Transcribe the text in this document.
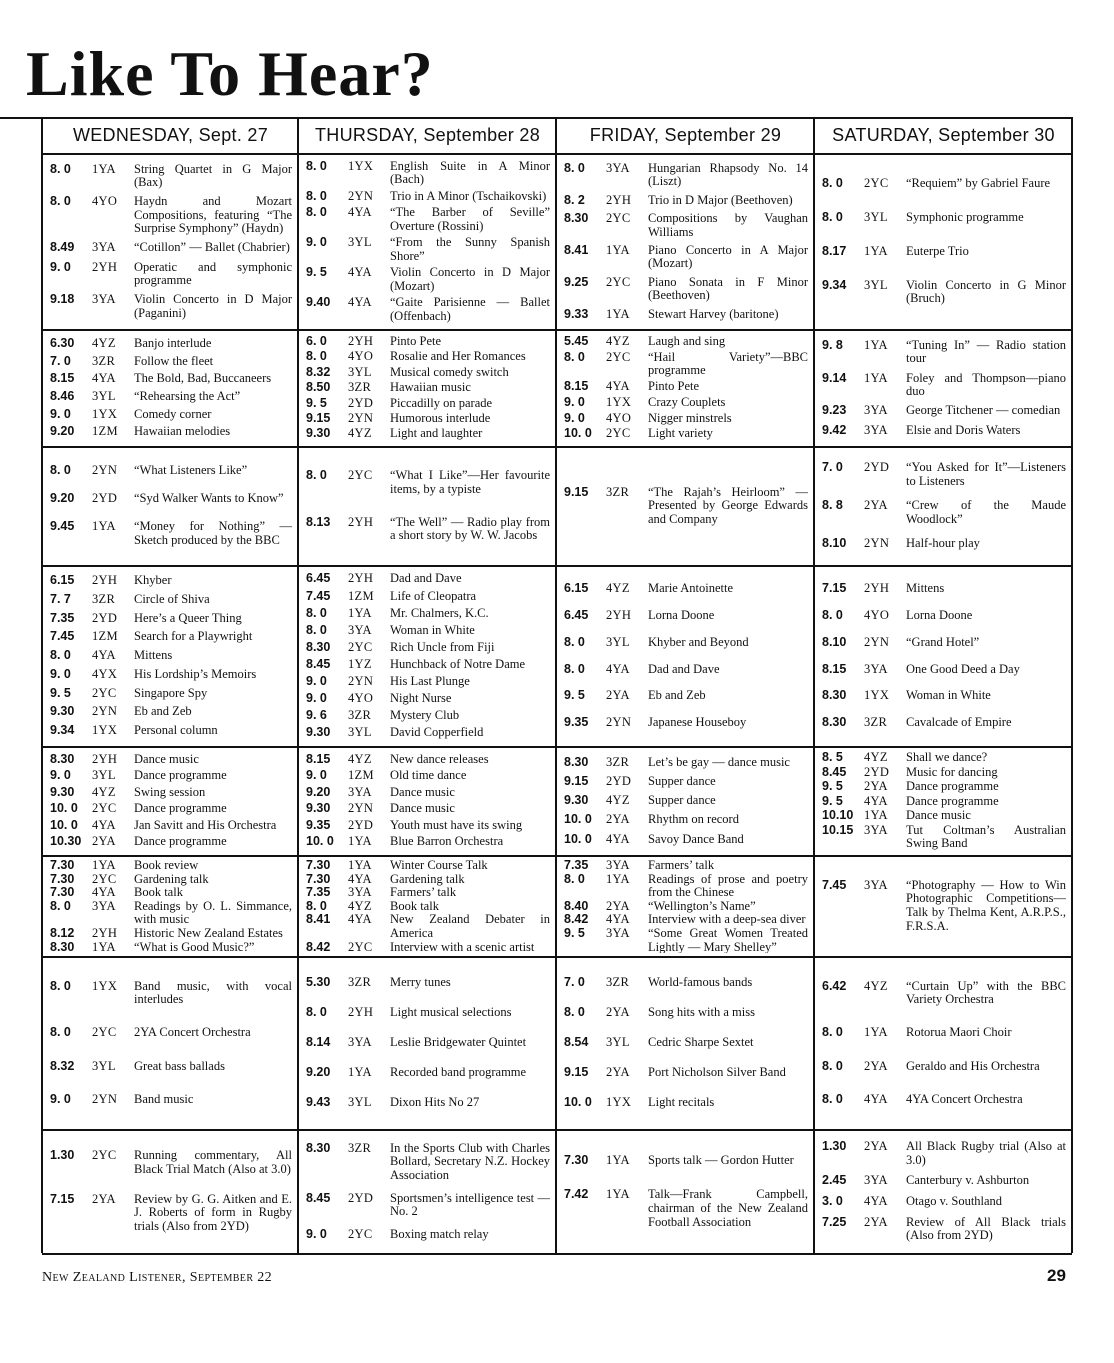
Like To Hear?
WEDNESDAY, Sept. 27	THURSDAY, September 28	FRIDAY, September 29	SATURDAY, September 30
8. 0	1YA	String Quartet in G Major (Bax)
8. 0	4YO	Haydn and Mozart Compositions, featuring “The Surprise Symphony” (Haydn)
8.49	3YA	“Cotillon” — Ballet (Chabrier)
9. 0	2YH	Operatic and symphonic programme
9.18	3YA	Violin Concerto in D Major (Paganini)
8. 0	1YX	English Suite in A Minor (Bach)
8. 0	2YN	Trio in A Minor (Tschaikovski)
8. 0	4YA	“The Barber of Seville” Overture (Rossini)
9. 0	3YL	“From the Sunny Spanish Shore”
9. 5	4YA	Violin Concerto in D Major (Mozart)
9.40	4YA	“Gaite Parisienne — Ballet (Offenbach)
8. 0	3YA	Hungarian Rhapsody No. 14 (Liszt)
8. 2	2YH	Trio in D Major (Beethoven)
8.30	2YC	Compositions by Vaughan Williams
8.41	1YA	Piano Concerto in A Major (Mozart)
9.25	2YC	Piano Sonata in F Minor (Beethoven)
9.33	1YA	Stewart Harvey (baritone)
8. 0	2YC	“Requiem” by Gabriel Faure
8. 0	3YL	Symphonic programme
8.17	1YA	Euterpe Trio
9.34	3YL	Violin Concerto in G Minor (Bruch)
6.30	4YZ	Banjo interlude
7. 0	3ZR	Follow the fleet
8.15	4YA	The Bold, Bad, Buccaneers
8.46	3YL	“Rehearsing the Act”
9. 0	1YX	Comedy corner
9.20	1ZM	Hawaiian melodies
6. 0	2YH	Pinto Pete
8. 0	4YO	Rosalie and Her Romances
8.32	3YL	Musical comedy switch
8.50	3ZR	Hawaiian music
9. 5	2YD	Piccadilly on parade
9.15	2YN	Humorous interlude
9.30	4YZ	Light and laughter
5.45	4YZ	Laugh and sing
8. 0	2YC	“Hail Variety”—BBC programme
8.15	4YA	Pinto Pete
9. 0	1YX	Crazy Couplets
9. 0	4YO	Nigger minstrels
10. 0	2YC	Light variety
9. 8	1YA	“Tuning In” — Radio station tour
9.14	1YA	Foley and Thompson—piano duo
9.23	3YA	George Titchener — comedian
9.42	3YA	Elsie and Doris Waters
8. 0	2YN	“What Listeners Like”
9.20	2YD	“Syd Walker Wants to Know”
9.45	1YA	“Money for Nothing” — Sketch produced by the BBC
8. 0	2YC	“What I Like”—Her favourite items, by a typiste
8.13	2YH	“The Well” — Radio play from a short story by W. W. Jacobs
9.15	3ZR	“The Rajah’s Heirloom” — Presented by George Edwards and Company
7. 0	2YD	“You Asked for It”—Listeners to Listeners
8. 8	2YA	“Crew of the Maude Woodlock”
8.10	2YN	Half-hour play
6.15	2YH	Khyber
7. 7	3ZR	Circle of Shiva
7.35	2YD	Here’s a Queer Thing
7.45	1ZM	Search for a Playwright
8. 0	4YA	Mittens
9. 0	4YX	His Lordship’s Memoirs
9. 5	2YC	Singapore Spy
9.30	2YN	Eb and Zeb
9.34	1YX	Personal column
6.45	2YH	Dad and Dave
7.45	1ZM	Life of Cleopatra
8. 0	1YA	Mr. Chalmers, K.C.
8. 0	3YA	Woman in White
8.30	2YC	Rich Uncle from Fiji
8.45	1YZ	Hunchback of Notre Dame
9. 0	2YN	His Last Plunge
9. 0	4YO	Night Nurse
9. 6	3ZR	Mystery Club
9.30	3YL	David Copperfield
6.15	4YZ	Marie Antoinette
6.45	2YH	Lorna Doone
8. 0	3YL	Khyber and Beyond
8. 0	4YA	Dad and Dave
9. 5	2YA	Eb and Zeb
9.35	2YN	Japanese Houseboy
7.15	2YH	Mittens
8. 0	4YO	Lorna Doone
8.10	2YN	“Grand Hotel”
8.15	3YA	One Good Deed a Day
8.30	1YX	Woman in White
8.30	3ZR	Cavalcade of Empire
8.30	2YH	Dance music
9. 0	3YL	Dance programme
9.30	4YZ	Swing session
10. 0	2YC	Dance programme
10. 0	4YA	Jan Savitt and His Orchestra
10.30 2YA	Dance programme
8.15	4YZ	New dance releases
9. 0	1ZM	Old time dance
9.20	3YA	Dance music
9.30	2YN	Dance music
9.35	2YD	Youth must have its swing
10. 0	1YA	Blue Barron Orchestra
8.30	3ZR	Let’s be gay — dance music
9.15	2YD	Supper dance
9.30	4YZ	Supper dance
10. 0	2YA	Rhythm on record
10. 0	4YA	Savoy Dance Band
8. 5	4YZ	Shall we dance?
8.45	2YD	Music for dancing
9. 5	2YA	Dance programme
9. 5	4YA	Dance programme
10.10 1YA	Dance music
10.15 3YA	Tut Coltman’s Australian Swing Band
7.30	1YA	Book review
7.30	2YC	Gardening talk
7.30	4YA	Book talk
8. 0	3YA	Readings by O. L. Simmance, with music
8.12	2YH	Historic New Zealand Estates
8.30	1YA	“What is Good Music?”
7.30	1YA	Winter Course Talk
7.30	4YA	Gardening talk
7.35	3YA	Farmers’ talk
8. 0	4YZ	Book talk
8.41	4YA	New Zealand Debater in America
8.42	2YC	Interview with a scenic artist
7.35	3YA	Farmers’ talk
8. 0	1YA	Readings of prose and poetry from the Chinese
8.40	2YA	“Wellington’s Name”
8.42	4YA	Interview with a deep-sea diver
9. 5	3YA	“Some Great Women Treated Lightly — Mary Shelley”
7.45	3YA	“Photography — How to Win Photographic Competitions—Talk by Thelma Kent, A.R.P.S., F.R.S.A.
8. 0	1YX	Band music, with vocal interludes
8. 0	2YC	2YA Concert Orchestra
8.32	3YL	Great bass ballads
9. 0	2YN	Band music
5.30	3ZR	Merry tunes
8. 0	2YH	Light musical selections
8.14	3YA	Leslie Bridgewater Quintet
9.20	1YA	Recorded band programme
9.43	3YL	Dixon Hits No 27
7. 0	3ZR	World-famous bands
8. 0	2YA	Song hits with a miss
8.54	3YL	Cedric Sharpe Sextet
9.15	2YA	Port Nicholson Silver Band
10. 0	1YX	Light recitals
6.42	4YZ	“Curtain Up” with the BBC Variety Orchestra
8. 0	1YA	Rotorua Maori Choir
8. 0	2YA	Geraldo and His Orchestra
8. 0	4YA	4YA Concert Orchestra
1.30	2YC	Running commentary, All Black Trial Match (Also at 3.0)
7.15	2YA	Review by G. G. Aitken and E. J. Roberts of form in Rugby trials (Also from 2YD)
8.30	3ZR	In the Sports Club with Charles Bollard, Secretary N.Z. Hockey Association
8.45	2YD	Sportsmen’s intelligence test — No. 2
9. 0	2YC	Boxing match relay
7.30	1YA	Sports talk — Gordon Hutter
7.42	1YA	Talk—Frank Campbell, chairman of the New Zealand Football Association
1.30	2YA	All Black Rugby trial (Also at 3.0)
2.45	3YA	Canterbury v. Ashburton
3. 0	4YA	Otago v. Southland
7.25	2YA	Review of All Black trials (Also from 2YD)
New Zealand Listener, September 22	29
